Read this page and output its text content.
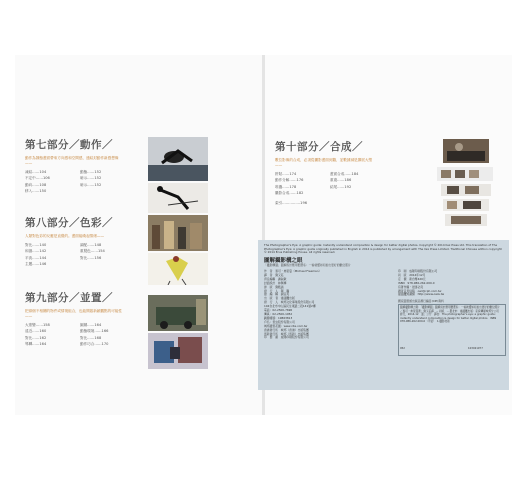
第七部分／動作／
動作為靜態畫面帶來方向感和空間感，連結封動作新感想像——
凍結……104	動態……152
不定中……106	暗示……152
動向……108	暗示……152
移入……150
第八部分／色彩／
人類對色彩的反應是直覺的。畫面能喚起情緒——
對比……140	調配……148
和諧……142	重製色……154
平淡……144	對比……156
主題……146
第九部分／並置／
把兩個不相關的物件或情境組合，也能開啟新穎觀點的可能性——
大塗變……158	圖層……164
遠近……160	動態環境……166
對比……162	對比……168
導轉……164	動作巧合……170
第十部分／合成／
數位影像的合成，必須從攝影畫面到聽，並數據減是擴展大塑——
拼貼……174	畫面合成……184
動作分解……176	重複……186
堆疊……178	結尾……192
攝影合成……182
索引……………196
The Photographer's Eye: A graphic guide: Instantly understand composition & design for better digital photos. Copyright © 2014 Ilex Press Ltd. This translation of The Photographer's Eye: A graphic guide originally published in English in 2014 is published by arrangement with The Ilex Press Limited. Traditional Chinese edition copyright © 2014 Ecus Publishing House. All rights reserved.
圖解攝影構之眼
「攝影構圖」圖解設計應用聽選系：一看就懂如何拍出更好的數位照片
作　者　麥可・弗里曼（Michael Freeman）
譯　者　劉又菘
責任編輯　謝淑敏
封面設計　林佩樺
排　版　劉筱涵
發　行　人　陳　聯
總　編　輯　謝宜英
出　版　者　貓頭鷹出版
發　行　人　城邦文化事業股份有限公司
104台北市中山區民生東路二段141號2樓
電話：02-2500-7696
傳真：02-2500-1952
劃撥帳號：19863813
戶名：書虫股份有限公司
城邦讀書花園：www.cite.com.tw
香港發行所　城邦（香港）出版集團
馬新發行所　城邦（馬新）出版集團
印　製　廠　成陽印刷股份有限公司
印　刷　成陽印刷股份有限公司
初　版　2014年12月
定　價　新台幣420元
ISBN　978-986-262-000-0
有著作權・侵害必究
讀者意見信箱　owl@cph.com.tw
貓頭鷹知識網　http://www.owls.tw
國家圖書館出版品預行編目(CIP)資料
圖解攝影構之眼：「攝影構圖」圖解設計應用聽選系：一看就懂如何拍出更好的數位照片／麥可・弗里曼著；劉又菘譯．-- 初版．-- 臺北市：貓頭鷹出版：家庭傳媒城邦分公司發行，2014.12　面；公分　譯自：The photographer's eye: a graphic guide: instantly understand composition & design for better digital photos　ISBN 978-986-262-000-0（平裝）　1.攝影技術
952	103021977
